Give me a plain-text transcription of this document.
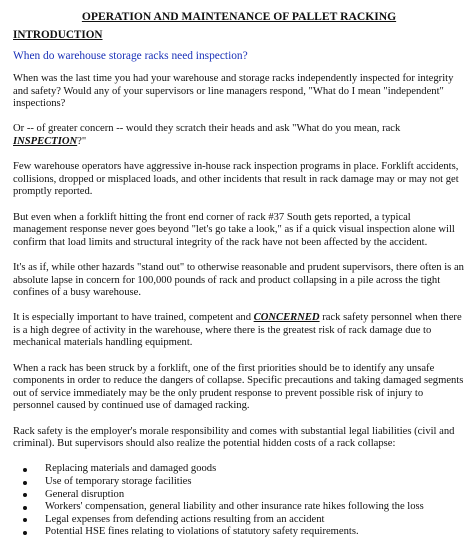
OPERATION AND MAINTENANCE OF PALLET RACKING
INTRODUCTION
When do warehouse storage racks need inspection?

When was the last time you had your warehouse and storage racks independently inspected for integrity and safety? Would any of your supervisors or line managers respond, "What do I mean "independent" inspections?

Or -- of greater concern -- would they scratch their heads and ask "What do you mean, rack INSPECTION?"

Few warehouse operators have aggressive in-house rack inspection programs in place. Forklift accidents, collisions, dropped or misplaced loads, and other incidents that result in rack damage may or may not get promptly reported.

But even when a forklift hitting the front end corner of rack #37 South gets reported, a typical management response never goes beyond "let's go take a look," as if a quick visual inspection alone will confirm that load limits and structural integrity of the rack have not been affected by the accident.

It's as if, while other hazards "stand out" to otherwise reasonable and prudent supervisors, there often is an absolute lapse in concern for 100,000 pounds of rack and product collapsing in a pile across the tight confines of a busy warehouse.

It is especially important to have trained, competent and CONCERNED rack safety personnel when there is a high degree of activity in the warehouse, where there is the greatest risk of rack damage due to mechanical materials handling equipment.

When a rack has been struck by a forklift, one of the first priorities should be to identify any unsafe components in order to reduce the dangers of collapse. Specific precautions and taking damaged segments out of service immediately may be the only prudent response to prevent possible risk of injury to personnel caused by continued use of damaged racking.

Rack safety is the employer's morale responsibility and comes with substantial legal liabilities (civil and criminal). But supervisors should also realize the potential hidden costs of a rack collapse:

Replacing materials and damaged goods
Use of temporary storage facilities
General disruption
Workers' compensation, general liability and other insurance rate hikes following the loss
Legal expenses from defending actions resulting from an accident
Potential HSE fines relating to violations of statutory safety requirements.
